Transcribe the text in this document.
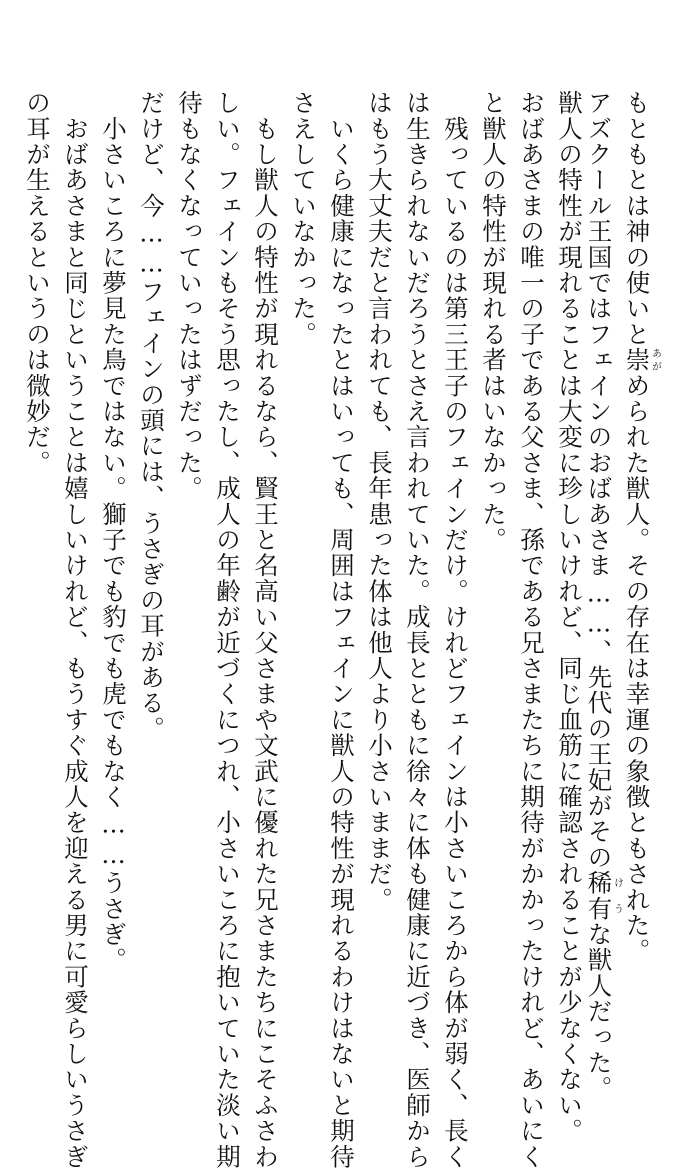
もともとは神の使いと崇あがめられた獣人。その存在は幸運の象徴ともされた。
アズクール王国ではフェインのおばあさま……、先代の王妃がその稀有けうな獣人だった。
獣人の特性が現れることは大変に珍しいけれど、同じ血筋に確認されることが少なくない。
おばあさまの唯一の子である父さま、孫である兄さまたちに期待がかかったけれど、あいにく
と獣人の特性が現れる者はいなかった。
　残っているのは第三王子のフェインだけ。けれどフェインは小さいころから体が弱く、長く
は生きられないだろうとさえ言われていた。成長とともに徐々に体も健康に近づき、医師から
はもう大丈夫だと言われても、長年患った体は他人より小さいままだ。
　いくら健康になったとはいっても、周囲はフェインに獣人の特性が現れるわけはないと期待
さえしていなかった。
　もし獣人の特性が現れるなら、賢王と名高い父さまや文武に優れた兄さまたちにこそふさわ
しい。フェインもそう思ったし、成人の年齢が近づくにつれ、小さいころに抱いていた淡い期
待もなくなっていったはずだった。
だけど、今……フェインの頭には、うさぎの耳がある。
　小さいころに夢見た鳥ではない。獅子でも豹でも虎でもなく……うさぎ。
　おばあさまと同じということは嬉しいけれど、もうすぐ成人を迎える男に可愛らしいうさぎ
の耳が生えるというのは微妙だ。
